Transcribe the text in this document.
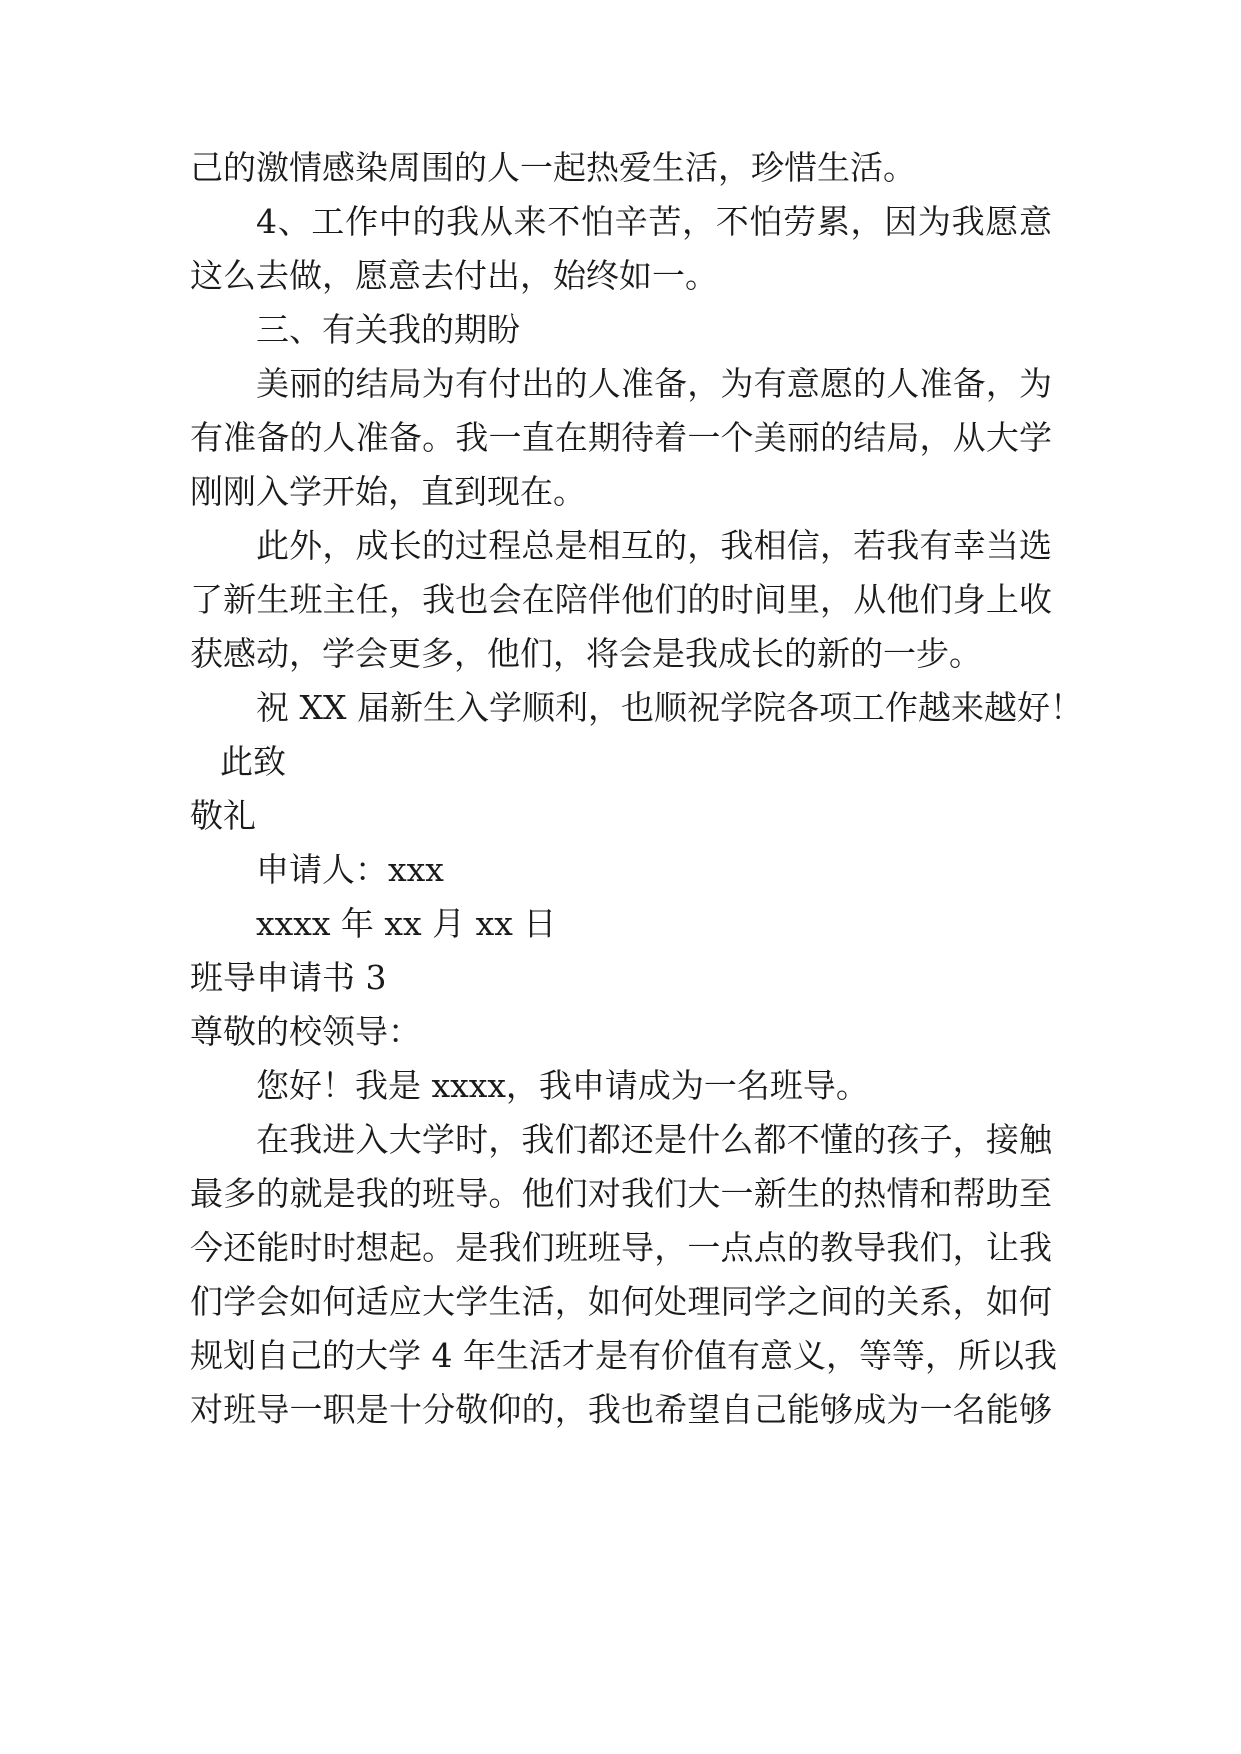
己的激情感染周围的人一起热爱生活，珍惜生活。
4、工作中的我从来不怕辛苦，不怕劳累，因为我愿意
这么去做，愿意去付出，始终如一。
三、有关我的期盼
美丽的结局为有付出的人准备，为有意愿的人准备，为
有准备的人准备。我一直在期待着一个美丽的结局，从大学
刚刚入学开始，直到现在。
此外，成长的过程总是相互的，我相信，若我有幸当选
了新生班主任，我也会在陪伴他们的时间里，从他们身上收
获感动，学会更多，他们，将会是我成长的新的一步。
祝 XX 届新生入学顺利，也顺祝学院各项工作越来越好！
此致
敬礼
申请人：xxx
xxxx 年 xx 月 xx 日
班导申请书 3
尊敬的校领导：
您好！我是 xxxx，我申请成为一名班导。
在我进入大学时，我们都还是什么都不懂的孩子，接触
最多的就是我的班导。他们对我们大一新生的热情和帮助至
今还能时时想起。是我们班班导，一点点的教导我们，让我
们学会如何适应大学生活，如何处理同学之间的关系，如何
规划自己的大学 4 年生活才是有价值有意义，等等，所以我
对班导一职是十分敬仰的，我也希望自己能够成为一名能够
